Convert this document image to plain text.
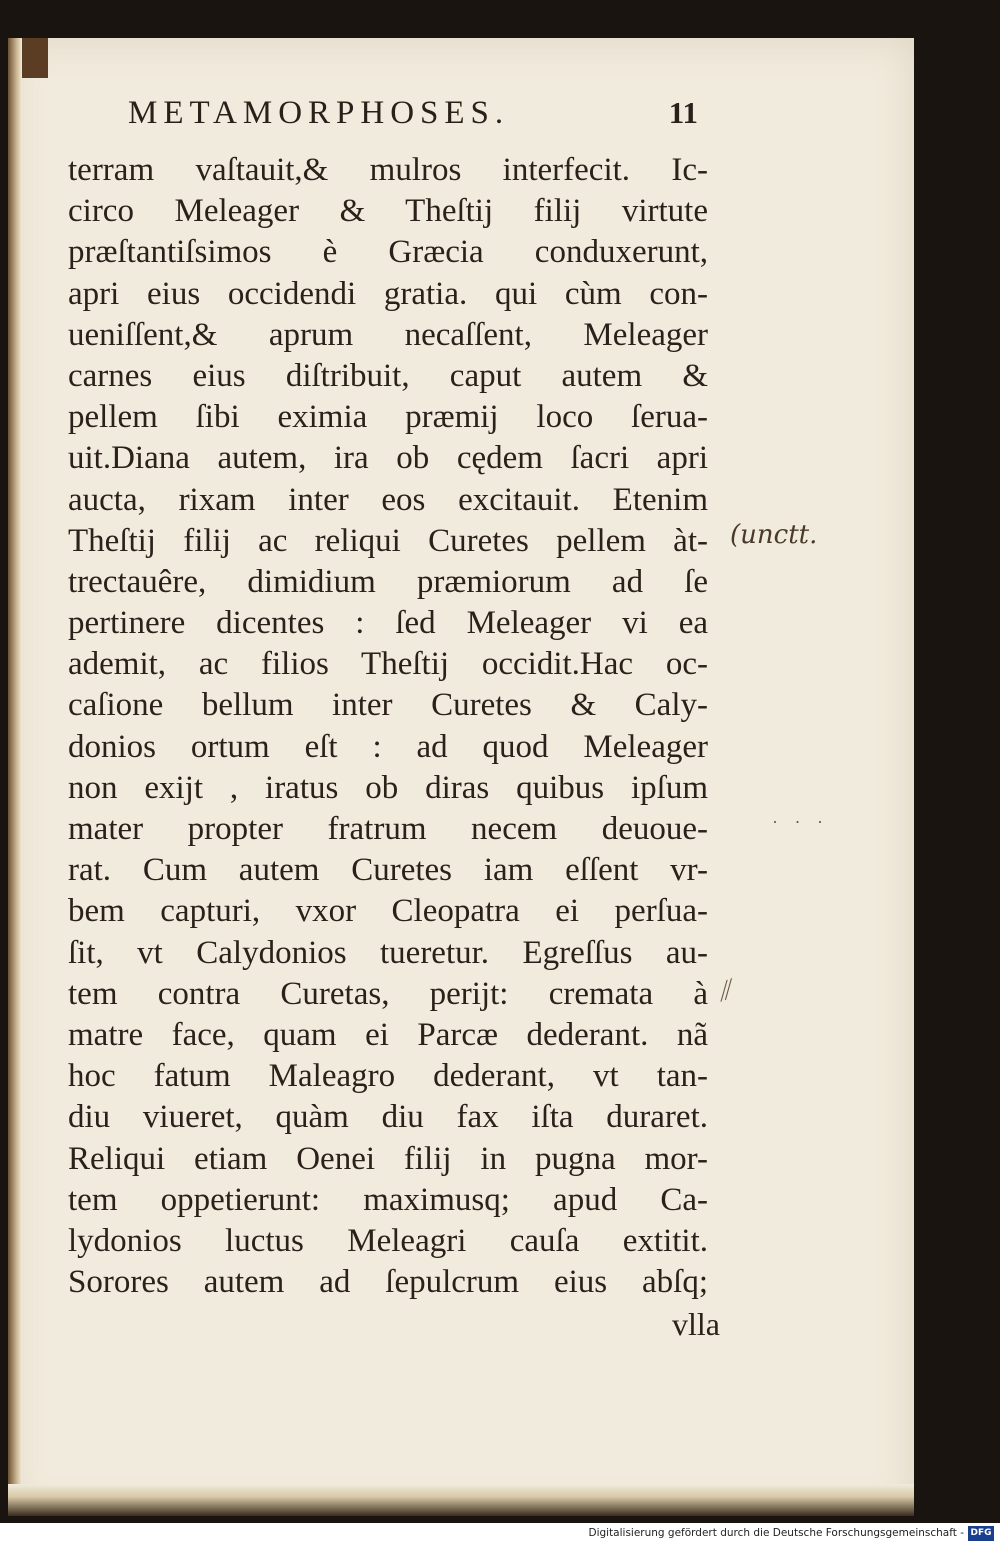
METAMORPHOSES.	11
terram vaſtauit,& mulros interfecit. Ic-
circo Meleager & Theſtij filij virtute
præſtantiſsimos è Græcia conduxerunt,
apri eius occidendi gratia. qui cùm con-
ueniſſent,& aprum necaſſent, Meleager
carnes eius diſtribuit, caput autem &
pellem ſibi eximia præmij loco ſerua-
uit.Diana autem, ira ob cędem ſacri apri
aucta, rixam inter eos excitauit. Etenim
Theſtij filij ac reliqui Curetes pellem àt-
trectauêre, dimidium præmiorum ad ſe
pertinere dicentes : ſed Meleager vi ea
ademit, ac filios Theſtij occidit.Hac oc-
caſione bellum inter Curetes & Caly-
donios ortum eſt : ad quod Meleager
non exijt , iratus ob diras quibus ipſum
mater propter fratrum necem deuoue-
rat. Cum autem Curetes iam eſſent vr-
bem capturi, vxor Cleopatra ei perſua-
ſit, vt Calydonios tueretur. Egreſſus au-
tem contra Curetas, perijt: cremata à
matre face, quam ei Parcæ dederant. nã
hoc fatum Maleagro dederant, vt tan-
diu viueret, quàm diu fax iſta duraret.
Reliqui etiam Oenei filij in pugna mor-
tem oppetierunt: maximusq; apud Ca-
lydonios luctus Meleagri cauſa extitit.
Sorores autem ad ſepulcrum eius abſq;
vlla
(unctt.
· · ·
⁄⁄
Digitalisierung gefördert durch die Deutsche Forschungsgemeinschaft - DFG
